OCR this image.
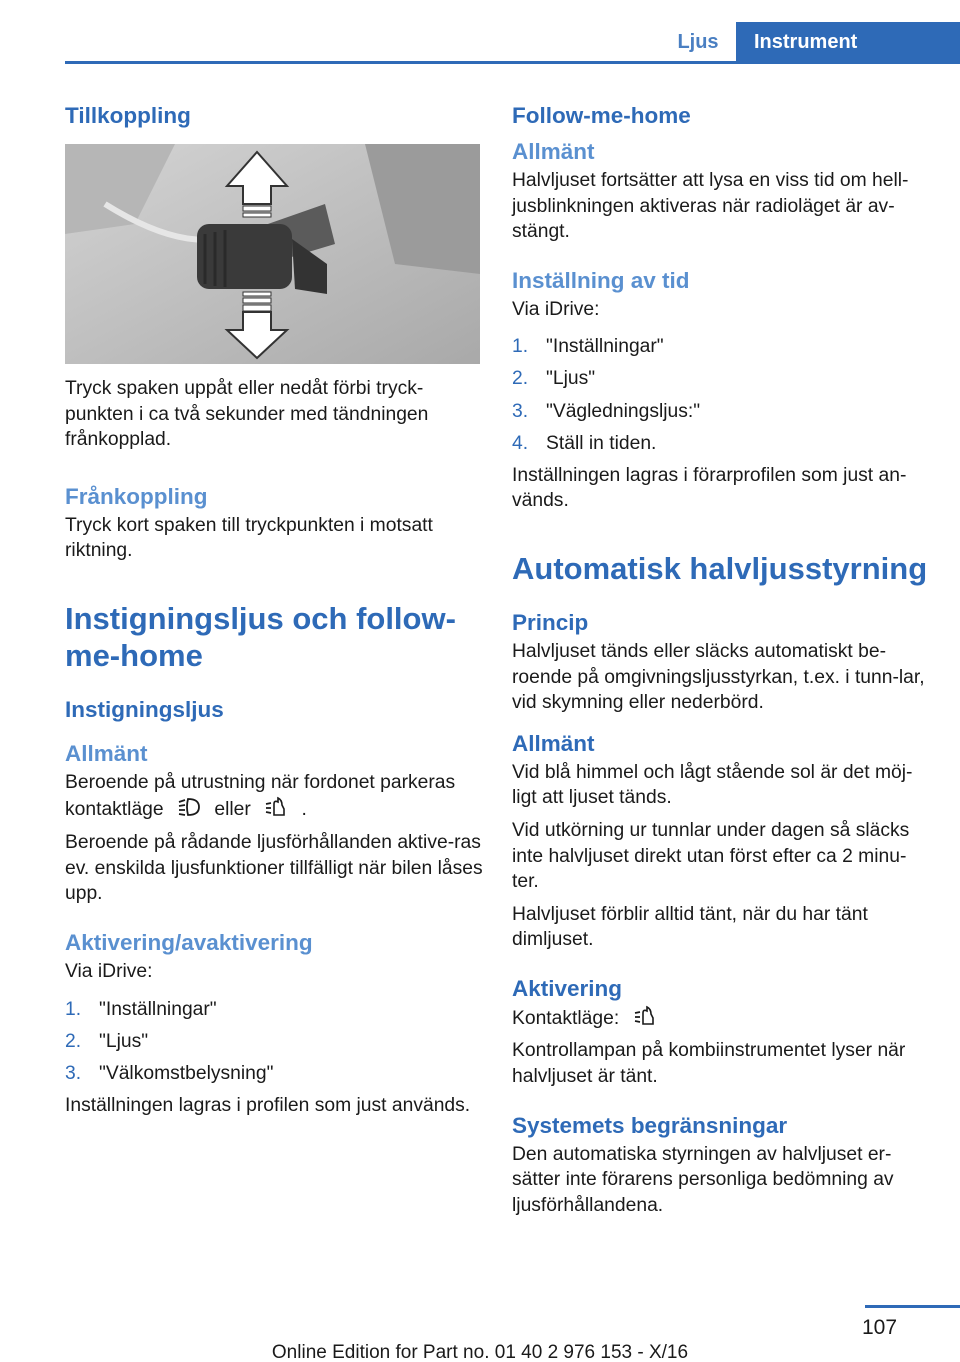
Ljus	Instrument
Tillkoppling
Tryck spaken uppåt eller nedåt förbi tryck-punkten i ca två sekunder med tändningen frånkopplad.
Frånkoppling
Tryck kort spaken till tryckpunkten i motsatt riktning.
Instigningsljus och follow-me-home
Instigningsljus
Allmänt
Beroende på utrustning när fordonet parkeras kontaktläge	eller	.
Beroende på rådande ljusförhållanden aktive-ras ev. enskilda ljusfunktioner tillfälligt när bilen låses upp.
Aktivering/avaktivering
Via iDrive:
1. "Inställningar"
2. "Ljus"
3. "Välkomstbelysning"
Inställningen lagras i profilen som just används.
Follow-me-home
Allmänt
Halvljuset fortsätter att lysa en viss tid om hell-jusblinkningen aktiveras när radioläget är av-stängt.
Inställning av tid
Via iDrive:
1. "Inställningar"
2. "Ljus"
3. "Vägledningsljus:"
4. Ställ in tiden.
Inställningen lagras i förarprofilen som just an-vänds.
Automatisk halvljusstyrning
Princip
Halvljuset tänds eller släcks automatiskt be-roende på omgivningsljusstyrkan, t.ex. i tunn-lar, vid skymning eller nederbörd.
Allmänt
Vid blå himmel och lågt stående sol är det möj-ligt att ljuset tänds.
Vid utkörning ur tunnlar under dagen så släcks inte halvljuset direkt utan först efter ca 2 minu-ter.
Halvljuset förblir alltid tänt, när du har tänt dimljuset.
Aktivering
Kontaktläge:
Kontrollampan på kombiinstrumentet lyser när halvljuset är tänt.
Systemets begränsningar
Den automatiska styrningen av halvljuset er-sätter inte förarens personliga bedömning av ljusförhållandena.
107
Online Edition for Part no. 01 40 2 976 153 - X/16
